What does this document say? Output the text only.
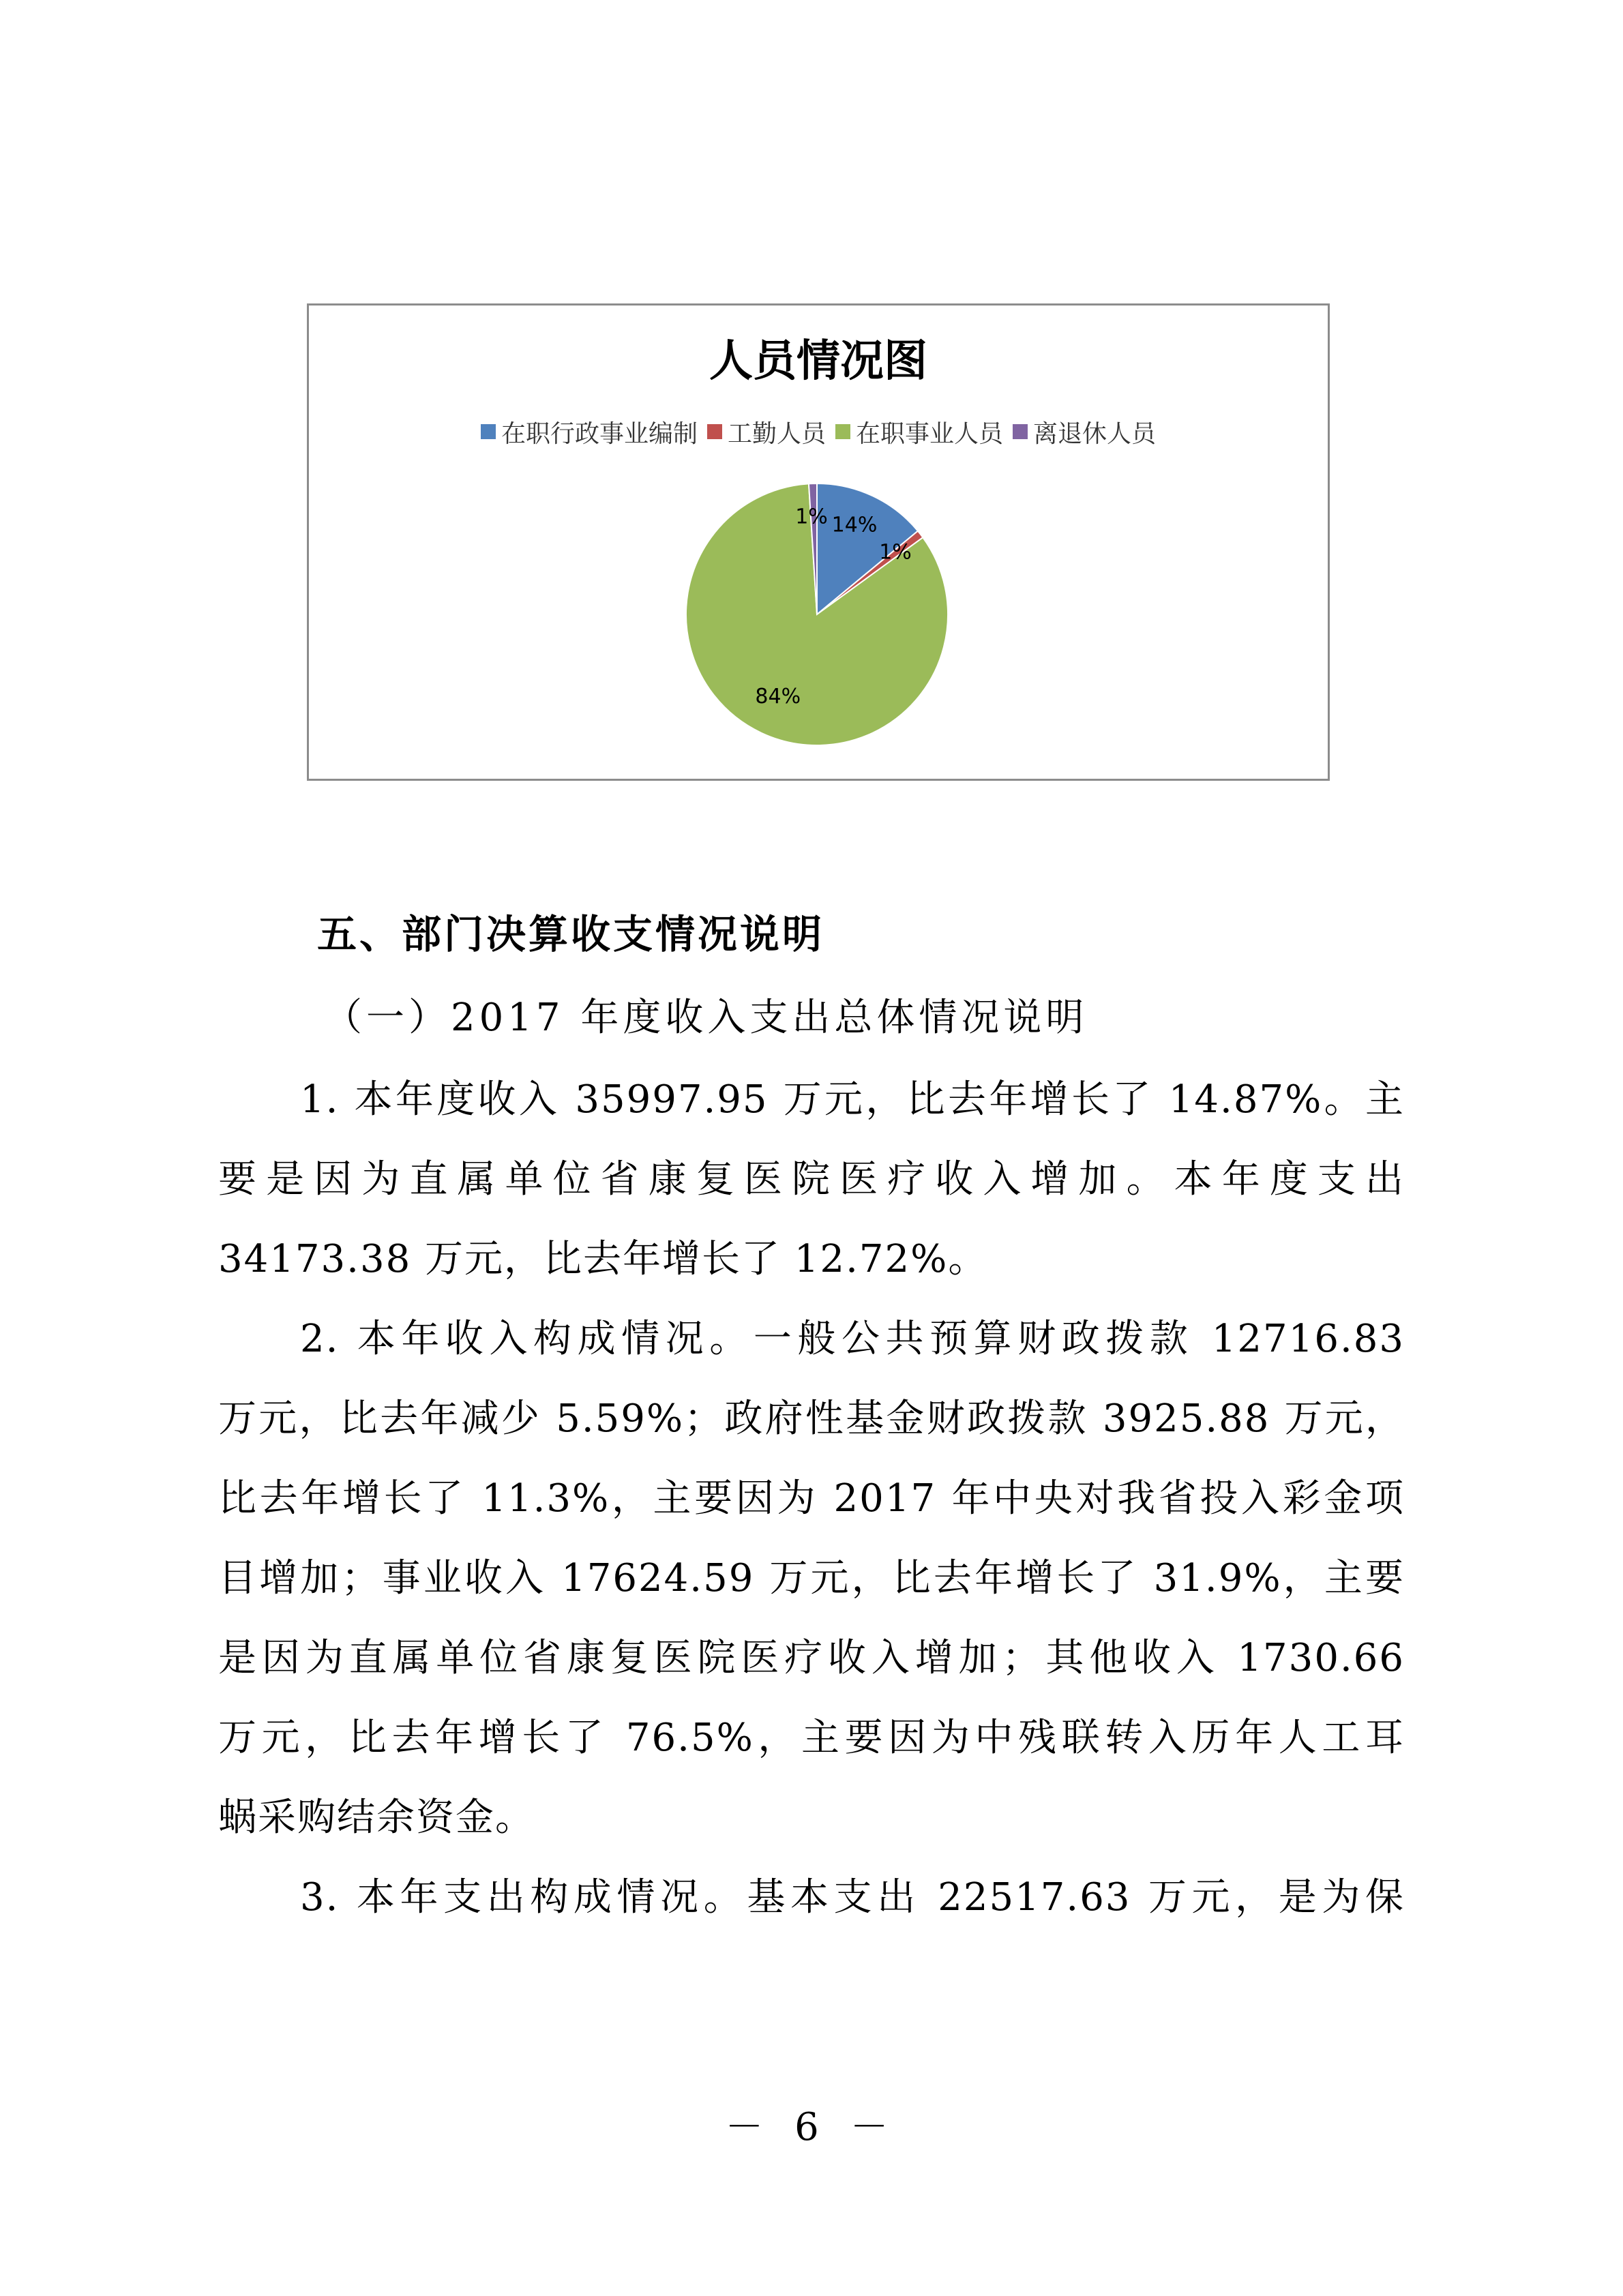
人员情况图
在职行政事业编制 工勤人员 在职事业人员 离退休人员
14%
1%
84%
1%
五、部门决算收支情况说明
（一）2017 年度收入支出总体情况说明
1. 本年度收入 35997.95 万元，比去年增长了 14.87%。主
要是因为直属单位省康复医院医疗收入增加。本年度支出
34173.38 万元，比去年增长了 12.72%。
2. 本年收入构成情况。一般公共预算财政拨款 12716.83
万元，比去年减少 5.59%；政府性基金财政拨款 3925.88 万元，
比去年增长了 11.3%，主要因为 2017 年中央对我省投入彩金项
目增加；事业收入 17624.59 万元，比去年增长了 31.9%，主要
是因为直属单位省康复医院医疗收入增加；其他收入 1730.66
万元，比去年增长了 76.5%，主要因为中残联转入历年人工耳
蜗采购结余资金。
3. 本年支出构成情况。基本支出 22517.63 万元，是为保
－ 6 －
